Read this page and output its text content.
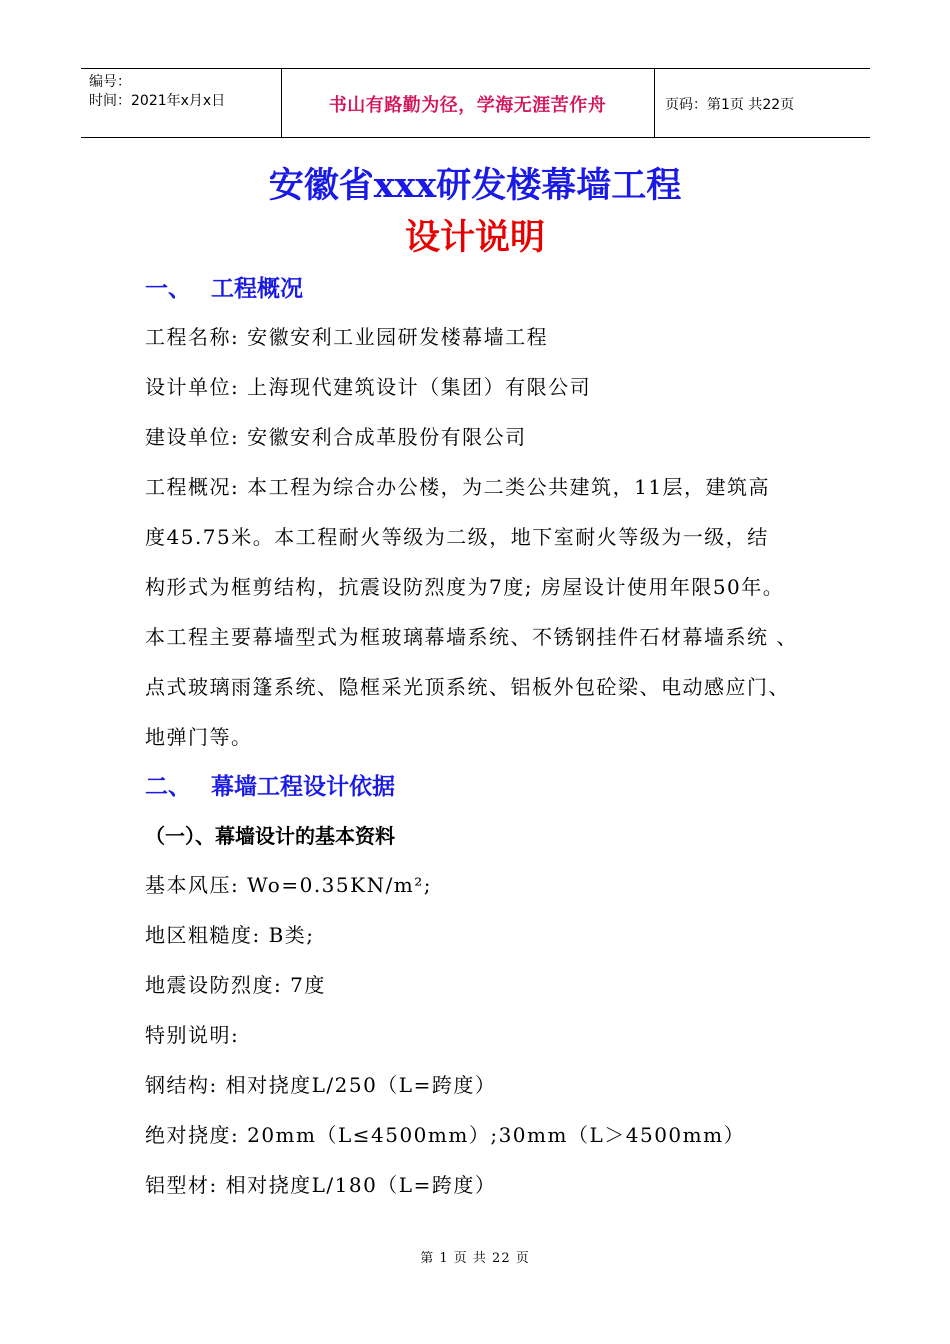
编号：
时间：2021年x月x日	书山有路勤为径，学海无涯苦作舟	页码：第1页 共22页
安徽省xxx研发楼幕墙工程
设计说明
一、 工程概况
工程名称: 安徽安利工业园研发楼幕墙工程
设计单位: 上海现代建筑设计（集团）有限公司
建设单位: 安徽安利合成革股份有限公司
工程概况: 本工程为综合办公楼，为二类公共建筑，11层，建筑高
度45.75米。本工程耐火等级为二级，地下室耐火等级为一级，结
构形式为框剪结构，抗震设防烈度为7度; 房屋设计使用年限50年。
本工程主要幕墙型式为框玻璃幕墙系统、不锈钢挂件石材幕墙系统 、
点式玻璃雨篷系统、隐框采光顶系统、铝板外包砼梁、电动感应门、
地弹门等。
二、 幕墙工程设计依据
（一）、幕墙设计的基本资料
基本风压: Wo=0.35KN/m²;
地区粗糙度: B类;
地震设防烈度: 7度
特别说明:
钢结构: 相对挠度L/250（L=跨度）
绝对挠度: 20mm（L≤4500mm）;30mm（L＞4500mm）
铝型材: 相对挠度L/180（L=跨度）
第 1 页 共 22 页
